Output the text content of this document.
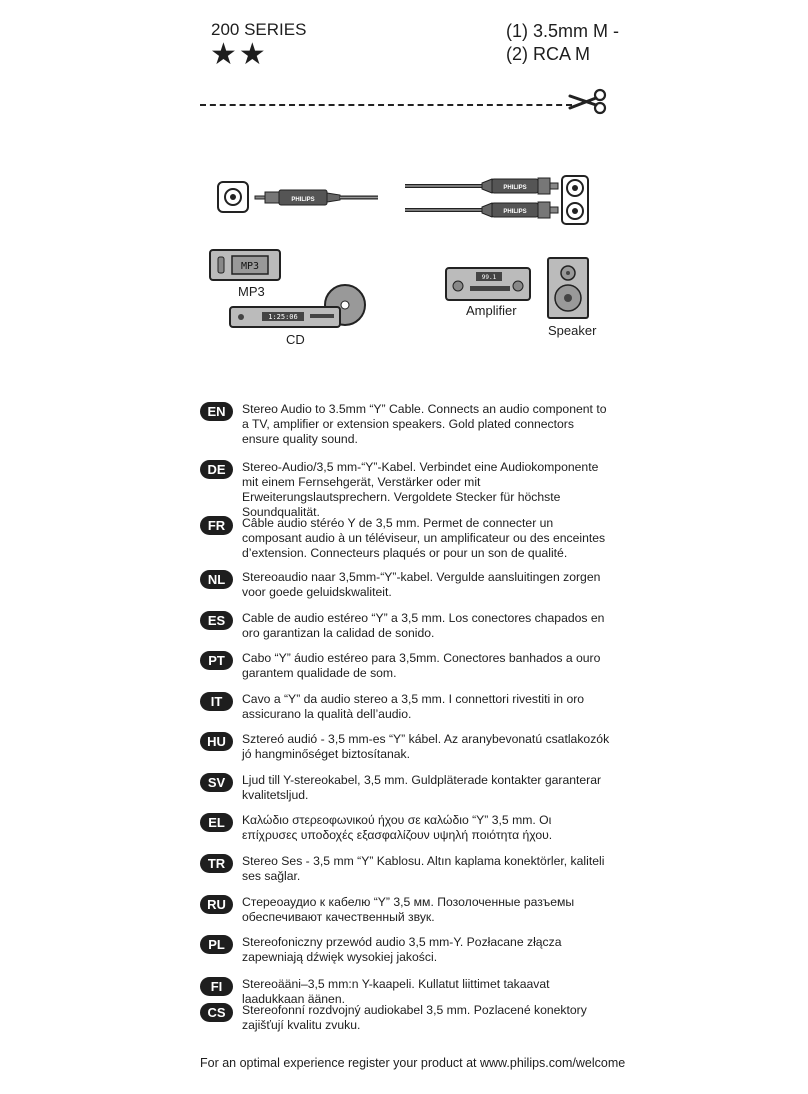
200 SERIES
★★
(1) 3.5mm M -
(2) RCA M
PHILIPS
PHILIPS
PHILIPS
MP3
1:25:06
99.1
MP3
CD
Amplifier
Speaker
EN	Stereo Audio to 3.5mm “Y” Cable. Connects an audio component to a TV, amplifier or extension speakers. Gold plated connectors ensure quality sound.
DE	Stereo-Audio/3,5 mm-“Y”-Kabel. Verbindet eine Audiokomponente mit einem Fernsehgerät, Verstärker oder mit Erweiterungslautsprechern. Vergoldete Stecker für höchste Soundqualität.
FR	Câble audio stéréo Y de 3,5 mm. Permet de connecter un composant audio à un téléviseur, un amplificateur ou des enceintes d’extension. Connecteurs plaqués or pour un son de qualité.
NL	Stereoaudio naar 3,5mm-“Y”-kabel. Vergulde aansluitingen zorgen voor goede geluidskwaliteit.
ES	Cable de audio estéreo “Y” a 3,5 mm. Los conectores chapados en oro garantizan la calidad de sonido.
PT	Cabo “Y” áudio estéreo para 3,5mm. Conectores banhados a ouro garantem qualidade de som.
IT	Cavo a “Y” da audio stereo a 3,5 mm. I connettori rivestiti in oro assicurano la qualità dell’audio.
HU	Sztereó audió - 3,5 mm-es “Y” kábel. Az aranybevonatú csatlakozók jó hangminőséget biztosítanak.
SV	Ljud till Y-stereokabel, 3,5 mm. Guldpläterade kontakter garanterar kvalitetsljud.
EL	Καλώδιο στερεοφωνικού ήχου σε καλώδιο “Y” 3,5 mm. Οι επίχρυσες υποδοχές εξασφαλίζουν υψηλή ποιότητα ήχου.
TR	Stereo Ses - 3,5 mm “Y” Kablosu. Altın kaplama konektörler, kaliteli ses sağlar.
RU	Стереоаудио к кабелю “Y” 3,5 мм. Позолоченные разъемы обеспечивают качественный звук.
PL	Stereofoniczny przewód audio 3,5 mm-Y. Pozłacane złącza zapewniają dźwięk wysokiej jakości.
FI	Stereoääni–3,5 mm:n Y-kaapeli. Kullatut liittimet takaavat laadukkaan äänen.
CS	Stereofonní rozdvojný audiokabel 3,5 mm. Pozlacené konektory zajišťují kvalitu zvuku.
For an optimal experience register your product at www.philips.com/welcome
